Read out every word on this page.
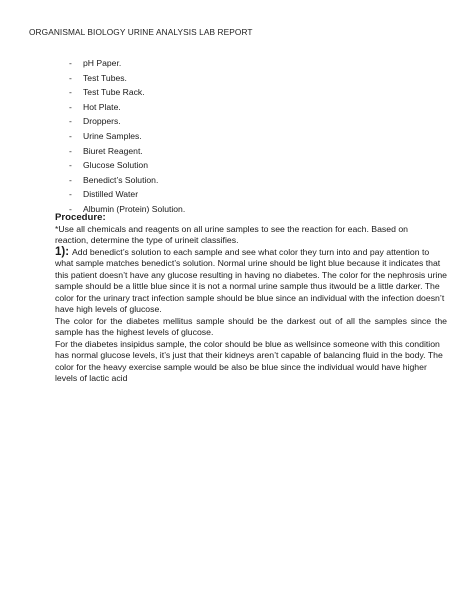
ORGANISMAL BIOLOGY URINE ANALYSIS LAB REPORT
-	pH Paper.
-	Test Tubes.
-	Test Tube Rack.
-	Hot Plate.
-	Droppers.
-	Urine Samples.
-	Biuret Reagent.
-	Glucose Solution
-	Benedict’s Solution.
-	Distilled Water
-	Albumin (Protein) Solution.

Procedure:

*Use all chemicals and reagents on all urine samples to see the reaction for each. Based on reaction, determine the type of urineit classifies.

1): Add benedict’s solution to each sample and see what color they turn into and pay attention to what sample matches benedict’s solution. Normal urine should be light blue because it indicates that this patient doesn’t have any glucose resulting in having no diabetes. The color for the nephrosis urine sample should be a little blue since it is not a normal urine sample thus itwould be a little darker. The color for the urinary tract infection sample should be blue since an individual with the infection doesn’t have high levels of glucose.

The color for the diabetes mellitus sample should be the darkest out of all the samples since the sample has the highest levels of glucose.

For the diabetes insipidus sample, the color should be blue as wellsince someone with this condition has normal glucose levels, it’s just that their kidneys aren’t capable of balancing fluid in the body. The color for the heavy exercise sample would be also be blue since the individual would have higher levels of lactic acid
